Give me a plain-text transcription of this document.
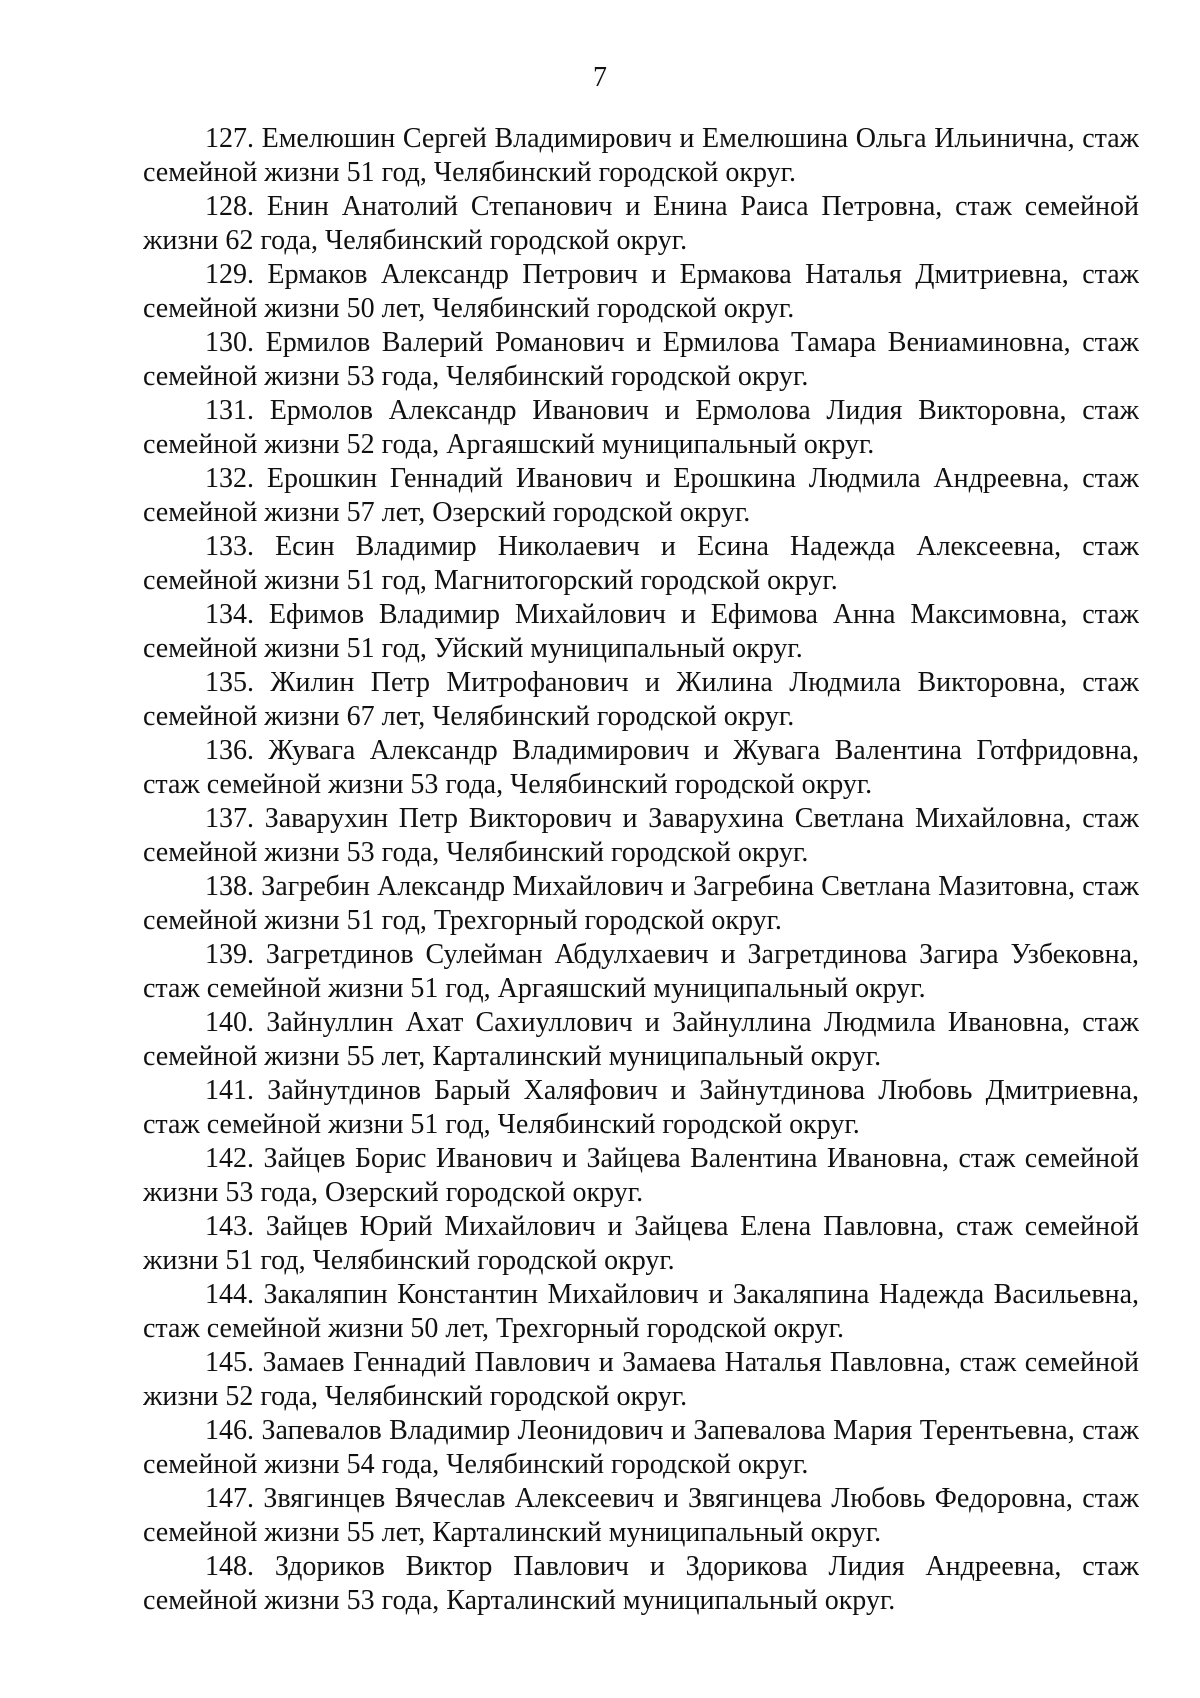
7

127. Емелюшин Сергей Владимирович и Емелюшина Ольга Ильинична, стаж семейной жизни 51 год, Челябинский городской округ.

128. Енин Анатолий Степанович и Енина Раиса Петровна, стаж семейной жизни 62 года, Челябинский городской округ.

129. Ермаков Александр Петрович и Ермакова Наталья Дмитриевна, стаж семейной жизни 50 лет, Челябинский городской округ.

130. Ермилов Валерий Романович и Ермилова Тамара Вениаминовна, стаж семейной жизни 53 года, Челябинский городской округ.

131. Ермолов Александр Иванович и Ермолова Лидия Викторовна, стаж семейной жизни 52 года, Аргаяшский муниципальный округ.

132. Ерошкин Геннадий Иванович и Ерошкина Людмила Андреевна, стаж семейной жизни 57 лет, Озерский городской округ.

133. Есин Владимир Николаевич и Есина Надежда Алексеевна, стаж семейной жизни 51 год, Магнитогорский городской округ.

134. Ефимов Владимир Михайлович и Ефимова Анна Максимовна, стаж семейной жизни 51 год, Уйский муниципальный округ.

135. Жилин Петр Митрофанович и Жилина Людмила Викторовна, стаж семейной жизни 67 лет, Челябинский городской округ.

136. Жувага Александр Владимирович и Жувага Валентина Готфридовна, стаж семейной жизни 53 года, Челябинский городской округ.

137. Заварухин Петр Викторович и Заварухина Светлана Михайловна, стаж семейной жизни 53 года, Челябинский городской округ.

138. Загребин Александр Михайлович и Загребина Светлана Мазитовна, стаж семейной жизни 51 год, Трехгорный городской округ.

139. Загретдинов Сулейман Абдулхаевич и Загретдинова Загира Узбековна, стаж семейной жизни 51 год, Аргаяшский муниципальный округ.

140. Зайнуллин Ахат Сахиуллович и Зайнуллина Людмила Ивановна, стаж семейной жизни 55 лет, Карталинский муниципальный округ.

141. Зайнутдинов Барый Халяфович и Зайнутдинова Любовь Дмитриевна, стаж семейной жизни 51 год, Челябинский городской округ.

142. Зайцев Борис Иванович и Зайцева Валентина Ивановна, стаж семейной жизни 53 года, Озерский городской округ.

143. Зайцев Юрий Михайлович и Зайцева Елена Павловна, стаж семейной жизни 51 год, Челябинский городской округ.

144. Закаляпин Константин Михайлович и Закаляпина Надежда Васильевна, стаж семейной жизни 50 лет, Трехгорный городской округ.

145. Замаев Геннадий Павлович и Замаева Наталья Павловна, стаж семейной жизни 52 года, Челябинский городской округ.

146. Запевалов Владимир Леонидович и Запевалова Мария Терентьевна, стаж семейной жизни 54 года, Челябинский городской округ.

147. Звягинцев Вячеслав Алексеевич и Звягинцева Любовь Федоровна, стаж семейной жизни 55 лет, Карталинский муниципальный округ.

148. Здориков Виктор Павлович и Здорикова Лидия Андреевна, стаж семейной жизни 53 года, Карталинский муниципальный округ.
